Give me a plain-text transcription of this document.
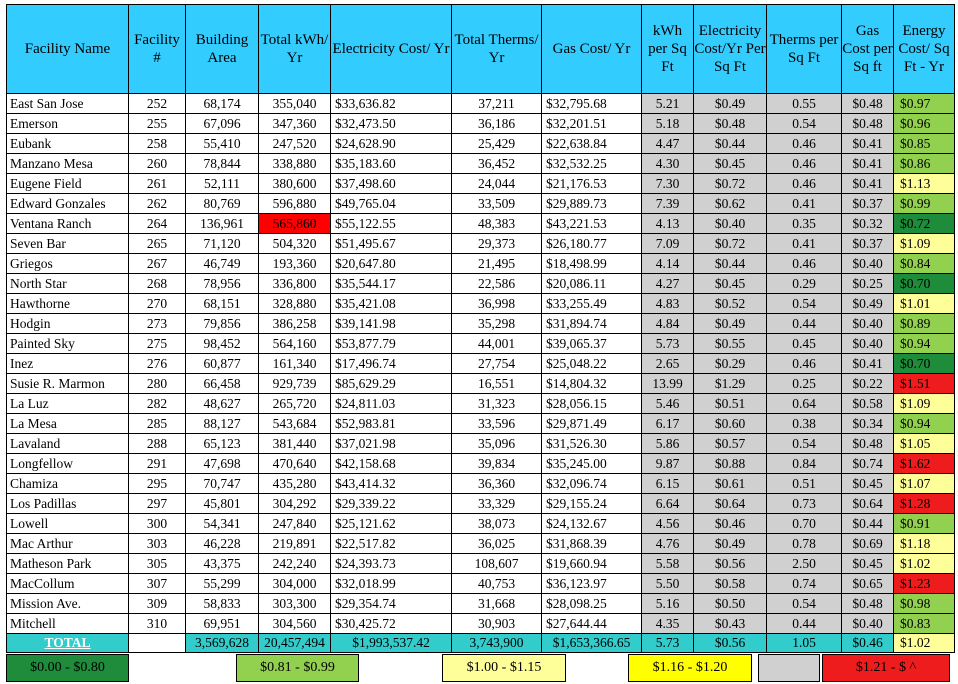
Facility Name	Facility #	Building Area	Total kWh/ Yr	Electricity Cost/ Yr	Total Therms/ Yr	Gas Cost/ Yr	kWh per Sq Ft	Electricity Cost/Yr Per Sq Ft	Therms per Sq Ft	Gas Cost per Sq ft	Energy Cost/ Sq Ft - Yr
East San Jose	252	68,174	355,040	$33,636.82	37,211	$32,795.68	5.21	$0.49	0.55	$0.48	$0.97
Emerson	255	67,096	347,360	$32,473.50	36,186	$32,201.51	5.18	$0.48	0.54	$0.48	$0.96
Eubank	258	55,410	247,520	$24,628.90	25,429	$22,638.84	4.47	$0.44	0.46	$0.41	$0.85
Manzano Mesa	260	78,844	338,880	$35,183.60	36,452	$32,532.25	4.30	$0.45	0.46	$0.41	$0.86
Eugene Field	261	52,111	380,600	$37,498.60	24,044	$21,176.53	7.30	$0.72	0.46	$0.41	$1.13
Edward Gonzales	262	80,769	596,880	$49,765.04	33,509	$29,889.73	7.39	$0.62	0.41	$0.37	$0.99
Ventana Ranch	264	136,961	565,860	$55,122.55	48,383	$43,221.53	4.13	$0.40	0.35	$0.32	$0.72
Seven Bar	265	71,120	504,320	$51,495.67	29,373	$26,180.77	7.09	$0.72	0.41	$0.37	$1.09
Griegos	267	46,749	193,360	$20,647.80	21,495	$18,498.99	4.14	$0.44	0.46	$0.40	$0.84
North Star	268	78,956	336,800	$35,544.17	22,586	$20,086.11	4.27	$0.45	0.29	$0.25	$0.70
Hawthorne	270	68,151	328,880	$35,421.08	36,998	$33,255.49	4.83	$0.52	0.54	$0.49	$1.01
Hodgin	273	79,856	386,258	$39,141.98	35,298	$31,894.74	4.84	$0.49	0.44	$0.40	$0.89
Painted Sky	275	98,452	564,160	$53,877.79	44,001	$39,065.37	5.73	$0.55	0.45	$0.40	$0.94
Inez	276	60,877	161,340	$17,496.74	27,754	$25,048.22	2.65	$0.29	0.46	$0.41	$0.70
Susie R. Marmon	280	66,458	929,739	$85,629.29	16,551	$14,804.32	13.99	$1.29	0.25	$0.22	$1.51
La Luz	282	48,627	265,720	$24,811.03	31,323	$28,056.15	5.46	$0.51	0.64	$0.58	$1.09
La Mesa	285	88,127	543,684	$52,983.81	33,596	$29,871.49	6.17	$0.60	0.38	$0.34	$0.94
Lavaland	288	65,123	381,440	$37,021.98	35,096	$31,526.30	5.86	$0.57	0.54	$0.48	$1.05
Longfellow	291	47,698	470,640	$42,158.68	39,834	$35,245.00	9.87	$0.88	0.84	$0.74	$1.62
Chamiza	295	70,747	435,280	$43,414.32	36,360	$32,096.74	6.15	$0.61	0.51	$0.45	$1.07
Los Padillas	297	45,801	304,292	$29,339.22	33,329	$29,155.24	6.64	$0.64	0.73	$0.64	$1.28
Lowell	300	54,341	247,840	$25,121.62	38,073	$24,132.67	4.56	$0.46	0.70	$0.44	$0.91
Mac Arthur	303	46,228	219,891	$22,517.82	36,025	$31,868.39	4.76	$0.49	0.78	$0.69	$1.18
Matheson Park	305	43,375	242,240	$24,393.73	108,607	$19,660.94	5.58	$0.56	2.50	$0.45	$1.02
MacCollum	307	55,299	304,000	$32,018.99	40,753	$36,123.97	5.50	$0.58	0.74	$0.65	$1.23
Mission Ave.	309	58,833	303,300	$29,354.74	31,668	$28,098.25	5.16	$0.50	0.54	$0.48	$0.98
Mitchell	310	69,951	304,560	$30,425.72	30,903	$27,644.44	4.35	$0.43	0.44	$0.40	$0.83
TOTAL		3,569,628	20,457,494	$1,993,537.42	3,743,900	$1,653,366.65	5.73	$0.56	1.05	$0.46	$1.02
$0.00 - $0.80	$0.81 - $0.99	$1.00 - $1.15	$1.16 - $1.20	$1.21 - $ ^
